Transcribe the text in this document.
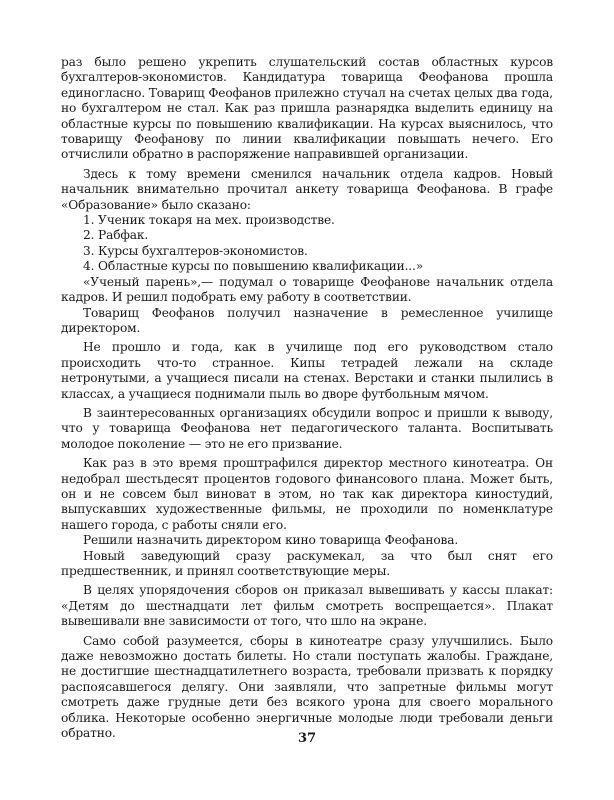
раз было решено укрепить слушательский состав областных курсов бухгалтеров-экономистов. Кандидатура товарища Феофанова прошла единогласно. Товарищ Феофанов прилежно стучал на счетах целых два года, но бухгалтером не стал. Как раз пришла разнарядка выделить единицу на областные курсы по повышению квалификации. На курсах выяснилось, что товарищу Феофанову по линии квалификации повышать нечего. Его отчислили обратно в распоряжение направившей организации.

Здесь к тому времени сменился начальник отдела кадров. Новый начальник внимательно прочитал анкету товарища Феофанова. В графе «Образование» было сказано:

1. Ученик токаря на мех. производстве.
2. Рабфак.
3. Курсы бухгалтеров-экономистов.
4. Областные курсы по повышению квалификации...»

«Ученый парень»,— подумал о товарище Феофанове начальник отдела кадров. И решил подобрать ему работу в соответствии.

Товарищ Феофанов получил назначение в ремесленное училище директором.

Не прошло и года, как в училище под его руководством стало происходить что-то странное. Кипы тетрадей лежали на складе нетронутыми, а учащиеся писали на стенах. Верстаки и станки пылились в классах, а учащиеся поднимали пыль во дворе футбольным мячом.

В заинтересованных организациях обсудили вопрос и пришли к выводу, что у товарища Феофанова нет педагогического таланта. Воспитывать молодое поколение — это не его призвание.

Как раз в это время проштрафился директор местного кинотеатра. Он недобрал шестьдесят процентов годового финансового плана. Может быть, он и не совсем был виноват в этом, но так как директора киностудий, выпускавших художественные фильмы, не проходили по номенклатуре нашего города, с работы сняли его.

Решили назначить директором кино товарища Феофанова.

Новый заведующий сразу раскумекал, за что был снят его предшественник, и принял соответствующие меры.

В целях упорядочения сборов он приказал вывешивать у кассы плакат: «Детям до шестнадцати лет фильм смотреть воспрещается». Плакат вывешивали вне зависимости от того, что шло на экране.

Само собой разумеется, сборы в кинотеатре сразу улучшились. Было даже невозможно достать билеты. Но стали поступать жалобы. Граждане, не достигшие шестнадцатилетнего возраста, требовали призвать к порядку распоясавшегося делягу. Они заявляли, что запретные фильмы могут смотреть даже грудные дети без всякого урона для своего морального облика. Некоторые особенно энергичные молодые люди требовали деньги обратно.	37
